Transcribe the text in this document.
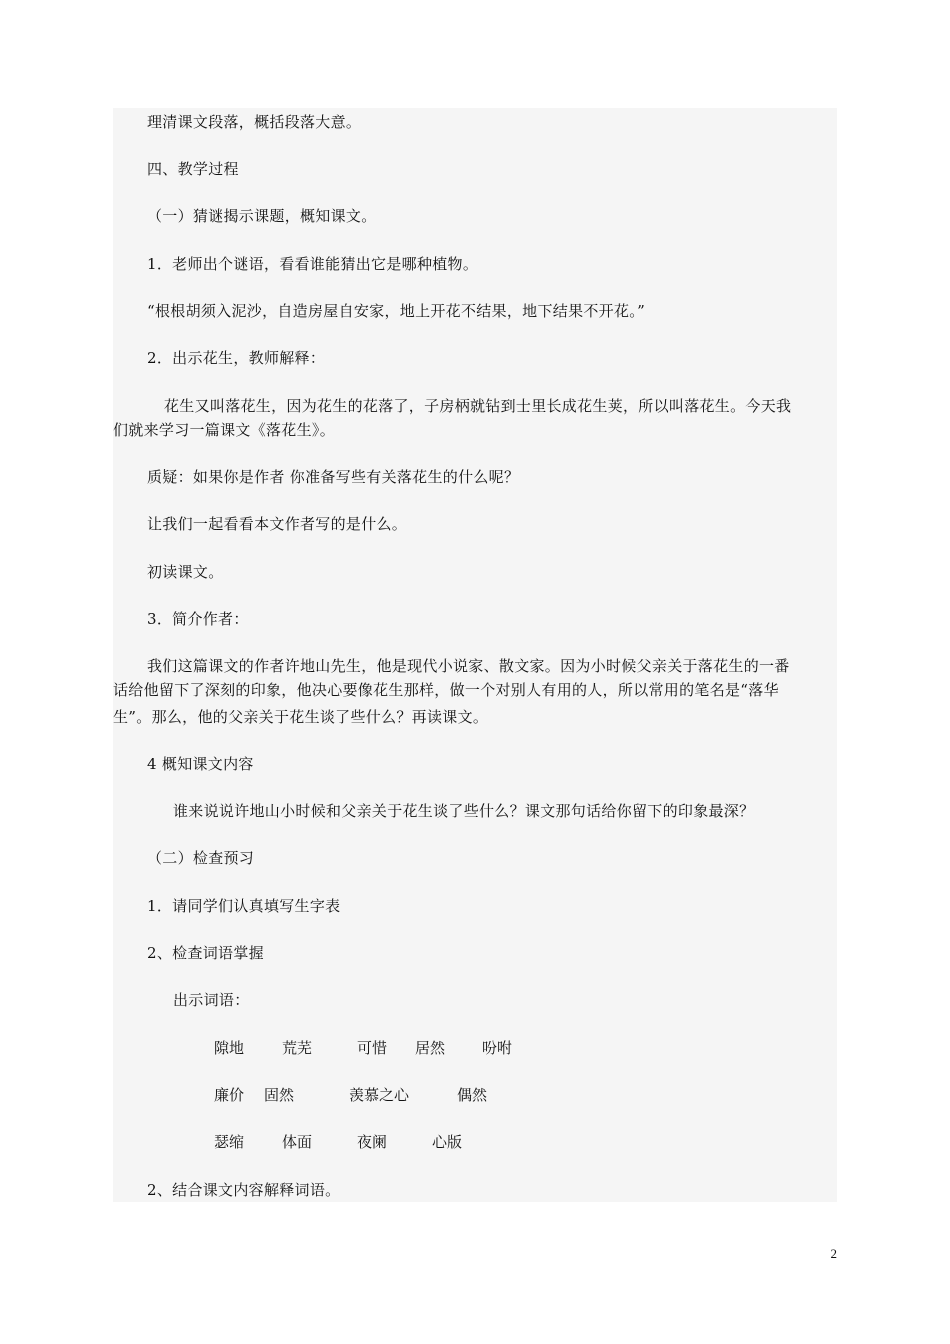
理清课文段落，概括段落大意。
四、教学过程
（一）猜谜揭示课题，概知课文。
1．老师出个谜语，看看谁能猜出它是哪种植物。
“根根胡须入泥沙，自造房屋自安家，地上开花不结果，地下结果不开花。”
2．出示花生，教师解释：
花生又叫落花生，因为花生的花落了，子房柄就钻到士里长成花生荚，所以叫落花生。今天我
们就来学习一篇课文《落花生》。
质疑：如果你是作者 你准备写些有关落花生的什么呢？
让我们一起看看本文作者写的是什么。
初读课文。
3．简介作者：
我们这篇课文的作者许地山先生，他是现代小说家、散文家。因为小时候父亲关于落花生的一番
话给他留下了深刻的印象，他决心要像花生那样，做一个对别人有用的人，所以常用的笔名是“落华
生”。那么，他的父亲关于花生谈了些什么？再读课文。
4 概知课文内容
谁来说说许地山小时候和父亲关于花生谈了些什么？课文那句话给你留下的印象最深？
（二）检查预习
1．请同学们认真填写生字表
2、检查词语掌握
出示词语：
隙地	荒芜	可惜 居然 吩咐
廉价 固然	羡慕之心	偶然
瑟缩	体面	夜阑	心版
2、结合课文内容解释词语。
2
